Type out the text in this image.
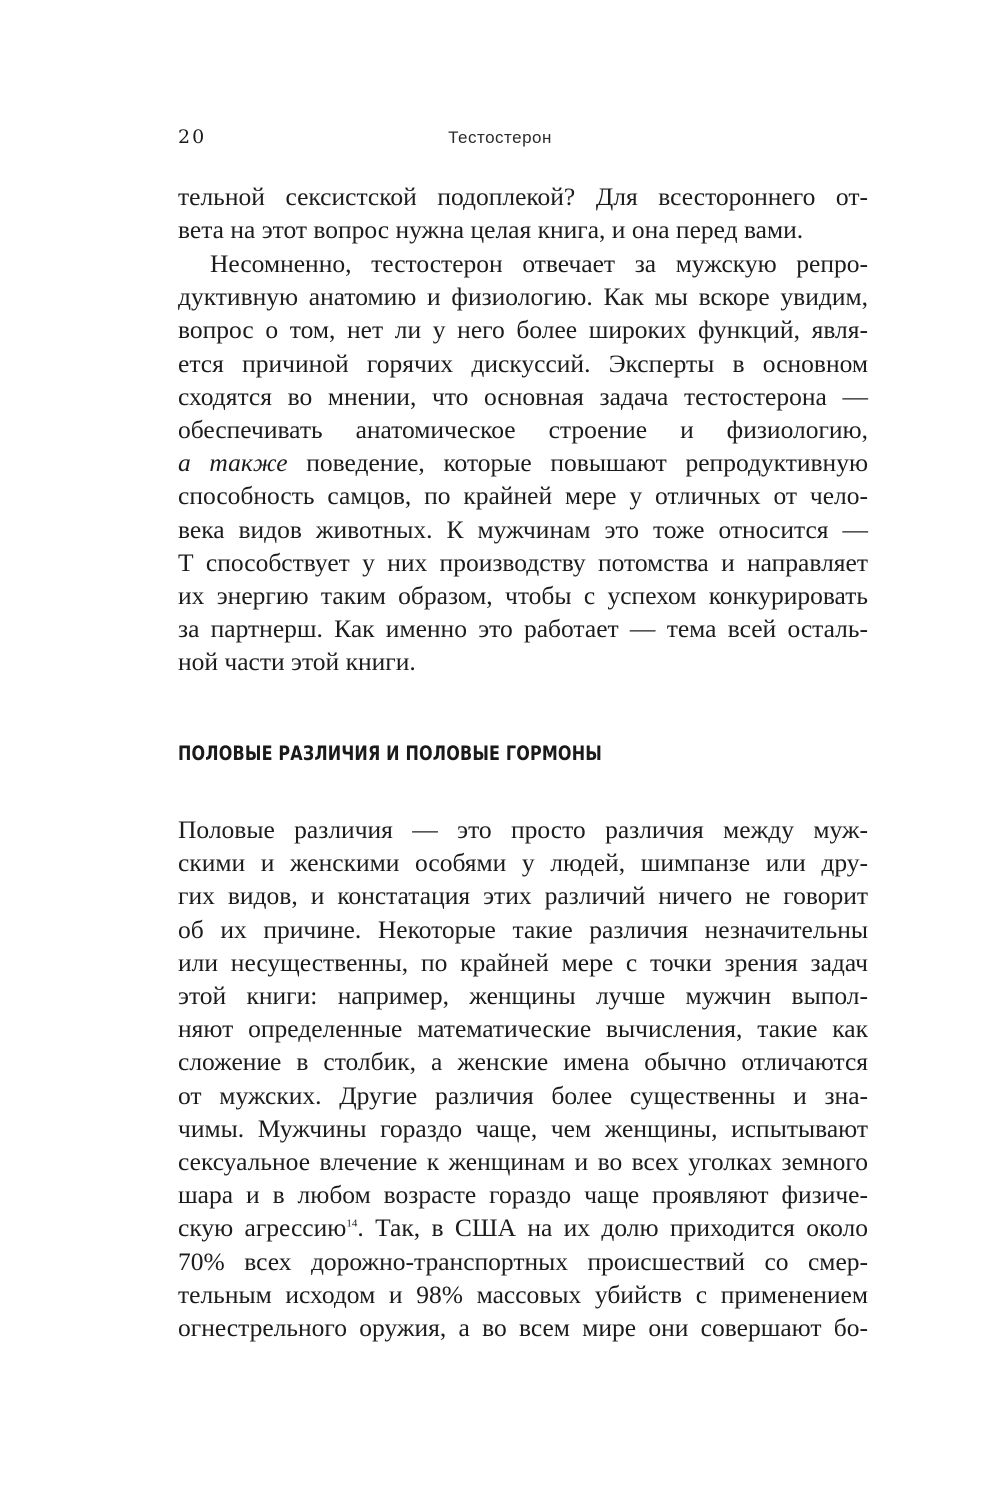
20	Тестостерон
тельной сексистской подоплекой? Для всестороннего от-
вета на этот вопрос нужна целая книга, и она перед вами.
Несомненно, тестостерон отвечает за мужскую репро-
дуктивную анатомию и физиологию. Как мы вскоре увидим,
вопрос о том, нет ли у него более широких функций, явля-
ется причиной горячих дискуссий. Эксперты в основном
сходятся во мнении, что основная задача тестостерона —
обеспечивать анатомическое строение и физиологию,
а также поведение, которые повышают репродуктивную
способность самцов, по крайней мере у отличных от чело-
века видов животных. К мужчинам это тоже относится —
Т способствует у них производству потомства и направляет
их энергию таким образом, чтобы с успехом конкурировать
за партнерш. Как именно это работает — тема всей осталь-
ной части этой книги.
ПОЛОВЫЕ РАЗЛИЧИЯ И ПОЛОВЫЕ ГОРМОНЫ
Половые различия — это просто различия между муж-
скими и женскими особями у людей, шимпанзе или дру-
гих видов, и констатация этих различий ничего не говорит
об их причине. Некоторые такие различия незначительны
или несущественны, по крайней мере с точки зрения задач
этой книги: например, женщины лучше мужчин выпол-
няют определенные математические вычисления, такие как
сложение в столбик, а женские имена обычно отличаются
от мужских. Другие различия более существенны и зна-
чимы. Мужчины гораздо чаще, чем женщины, испытывают
сексуальное влечение к женщинам и во всех уголках земного
шара и в любом возрасте гораздо чаще проявляют физиче-
скую агрессию$^{14}$. Так, в США на их долю приходится около
70% всех дорожно-транспортных происшествий со смер-
тельным исходом и 98% массовых убийств с применением
огнестрельного оружия, а во всем мире они совершают бо-
